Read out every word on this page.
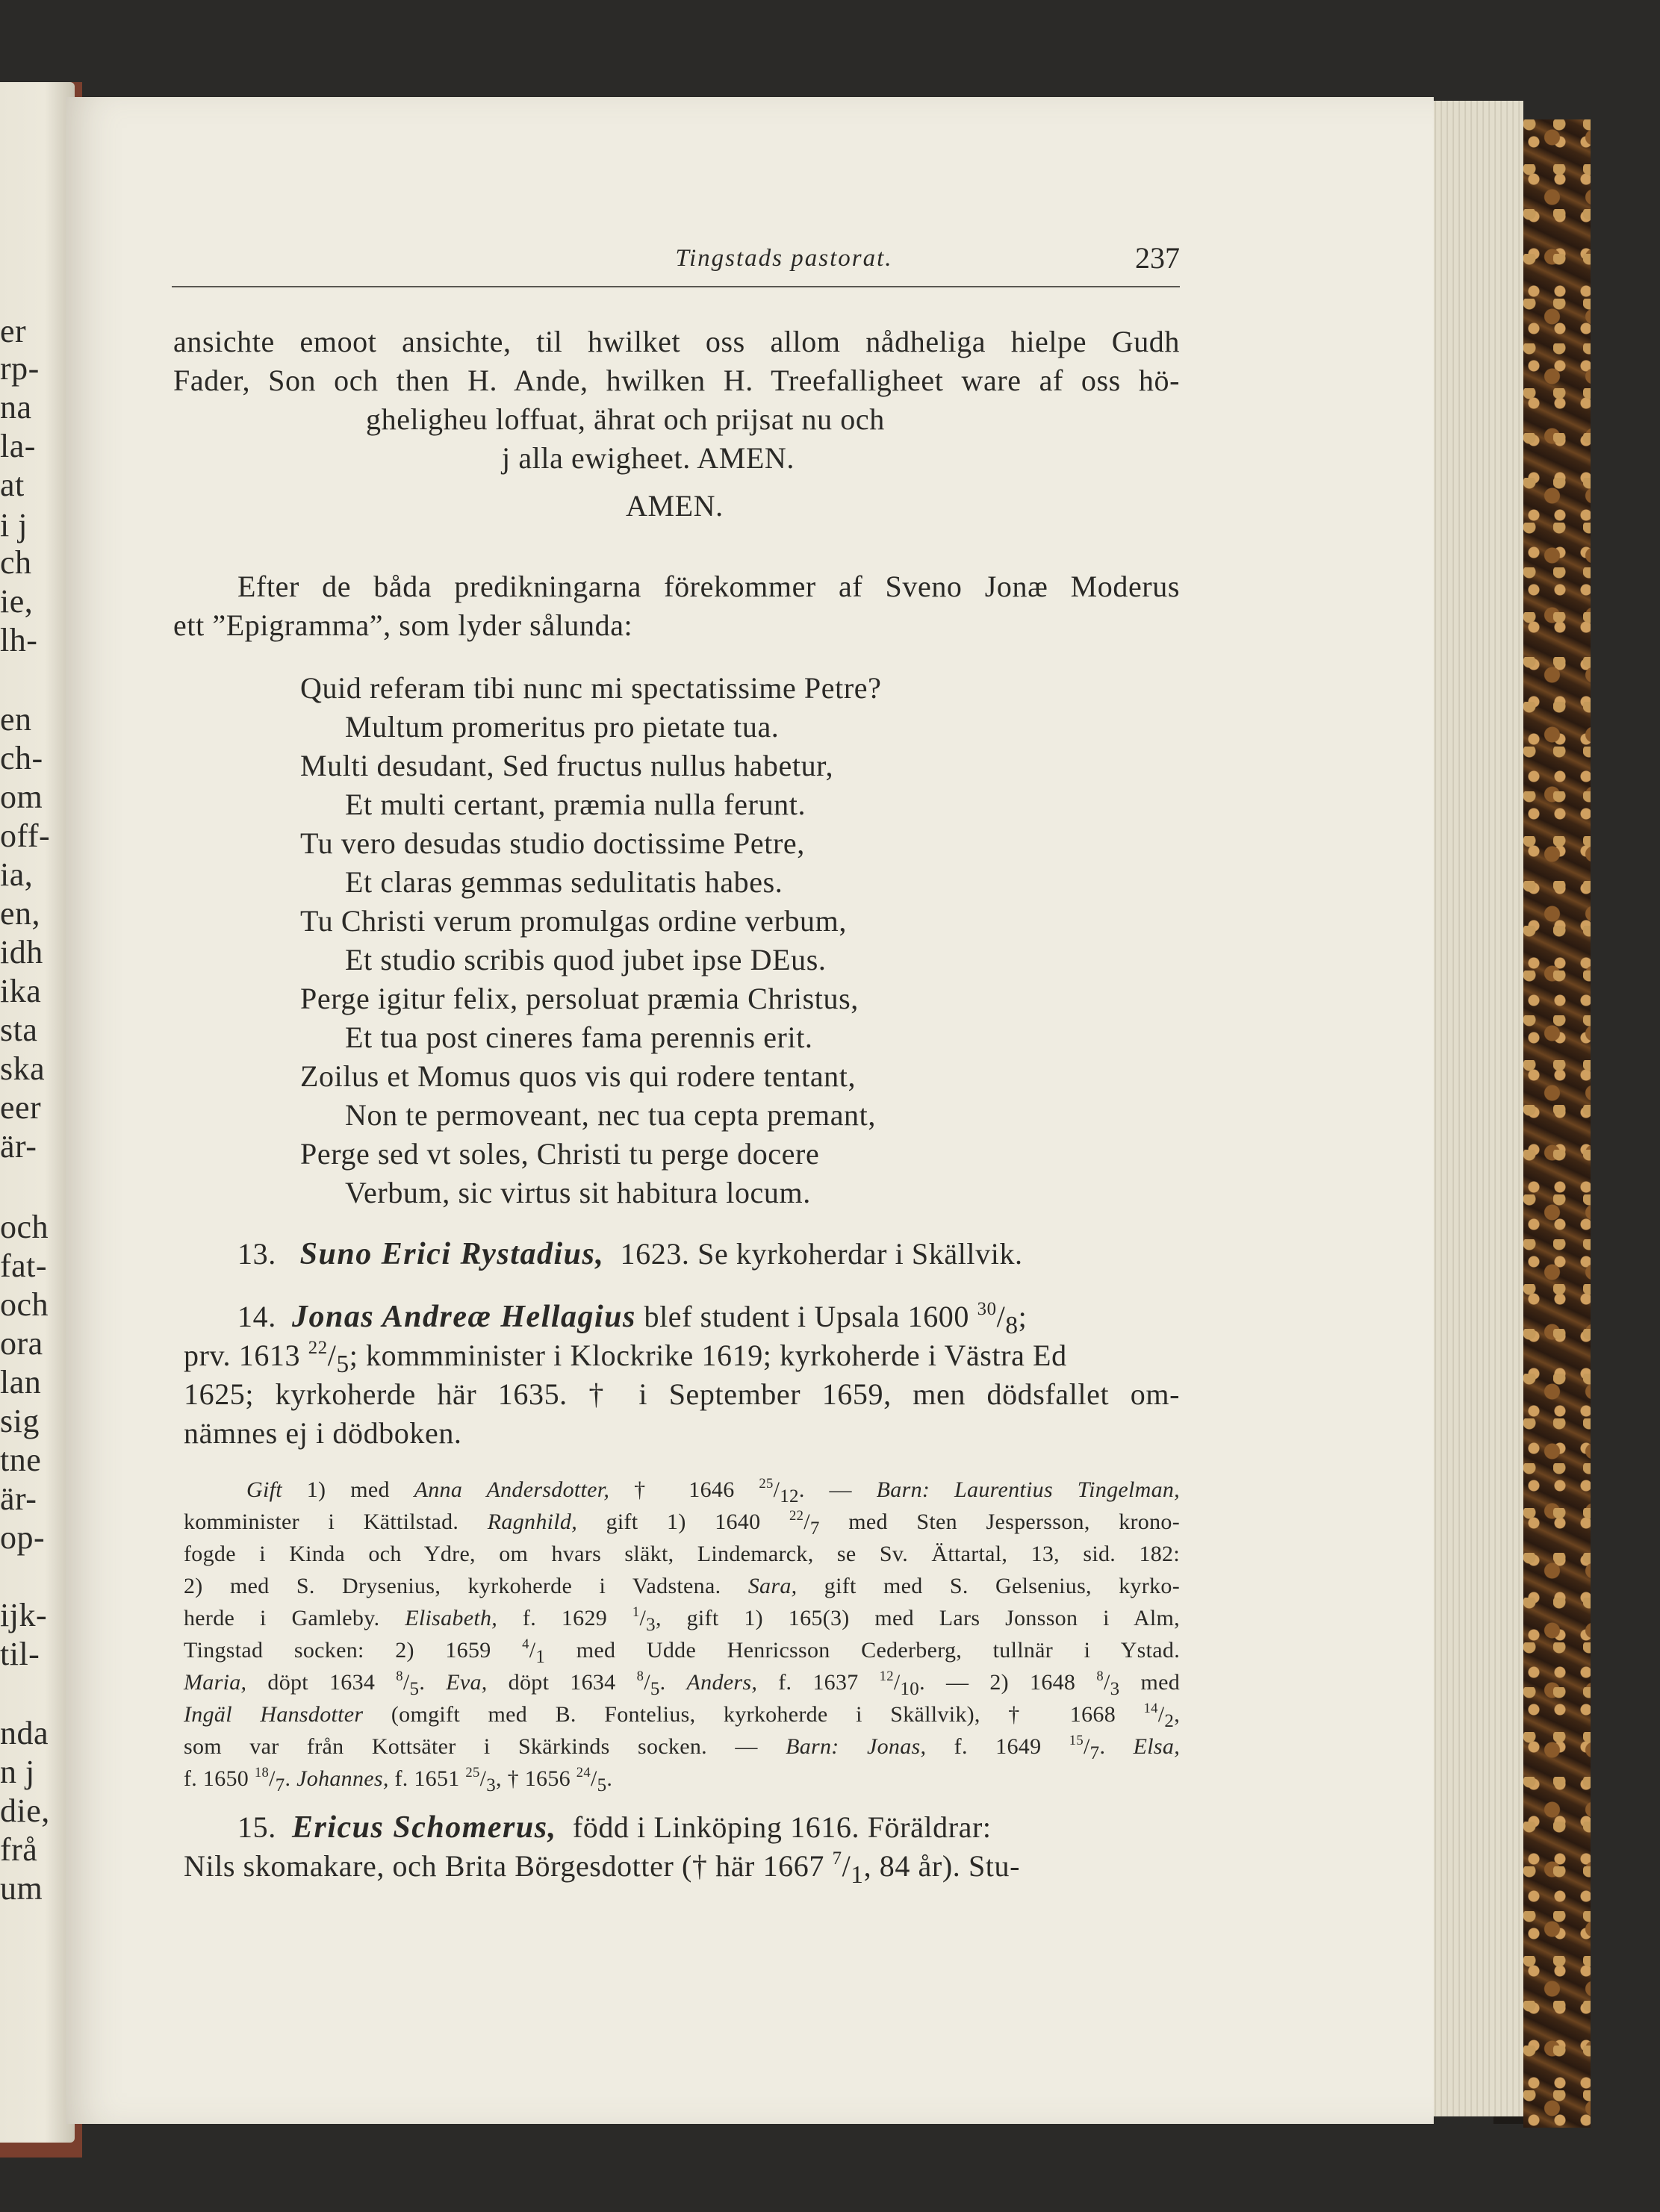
er
rp-
na
la-
at
i j
ch
ie,
lh-
en
ch-
om
off-
ia,
en,
idh
ika
sta
ska
eer
är-
och
fat-
och
ora
lan
sig
tne
är-
op-
ijk-
til-
nda
n j
die,
frå
um
Tingstads pastorat.	237
ansichte emoot ansichte, til hwilket oss allom nådheliga hielpe Gudh
Fader, Son och then H. Ande, hwilken H. Treefalligheet ware af oss hö-
gheligheu loffuat, ährat och prijsat nu och
j alla ewigheet. AMEN.
AMEN.
Efter de båda predikningarna förekommer af Sveno Jonæ Moderus
ett ”Epigramma”, som lyder sålunda:
Quid referam tibi nunc mi spectatissime Petre?
Multum promeritus pro pietate tua.
Multi desudant, Sed fructus nullus habetur,
Et multi certant, præmia nulla ferunt.
Tu vero desudas studio doctissime Petre,
Et claras gemmas sedulitatis habes.
Tu Christi verum promulgas ordine verbum,
Et studio scribis quod jubet ipse DEus.
Perge igitur felix, persoluat præmia Christus,
Et tua post cineres fama perennis erit.
Zoilus et Momus quos vis qui rodere tentant,
Non te permoveant, nec tua cepta premant,
Perge sed vt soles, Christi tu perge docere
Verbum, sic virtus sit habitura locum.
13. Suno Erici Rystadius, 1623. Se kyrkoherdar i Skällvik.
14. Jonas Andreæ Hellagius blef student i Upsala 1600 $^{30}/_8$;
prv. 1613 $^{22}/_5$; kommminister i Klockrike 1619; kyrkoherde i Västra Ed
1625; kyrkoherde här 1635. † i September 1659, men dödsfallet om-
nämnes ej i dödboken.
Gift 1) med Anna Andersdotter, † 1646 $^{25}/_{12}$. — Barn: Laurentius Tingelman,
komminister i Kättilstad. Ragnhild, gift 1) 1640 $^{22}/_7$ med Sten Jespersson, krono-
fogde i Kinda och Ydre, om hvars släkt, Lindemarck, se Sv. Ättartal, 13, sid. 182:
2) med S. Drysenius, kyrkoherde i Vadstena. Sara, gift med S. Gelsenius, kyrko-
herde i Gamleby. Elisabeth, f. 1629 $^1/_3$, gift 1) 165(3) med Lars Jonsson i Alm,
Tingstad socken: 2) 1659 $^4/_1$ med Udde Henricsson Cederberg, tullnär i Ystad.
Maria, döpt 1634 $^8/_5$. Eva, döpt 1634 $^8/_5$. Anders, f. 1637 $^{12}/_{10}$. — 2) 1648 $^8/_3$ med
Ingäl Hansdotter (omgift med B. Fontelius, kyrkoherde i Skällvik), † 1668 $^{14}/_2$,
som var från Kottsäter i Skärkinds socken. — Barn: Jonas, f. 1649 $^{15}/_7$. Elsa,
f. 1650 $^{18}/_7$. Johannes, f. 1651 $^{25}/_3$, † 1656 $^{24}/_5$.
15. Ericus Schomerus, född i Linköping 1616. Föräldrar:
Nils skomakare, och Brita Börgesdotter († här 1667 $^7/_1$, 84 år). Stu-
